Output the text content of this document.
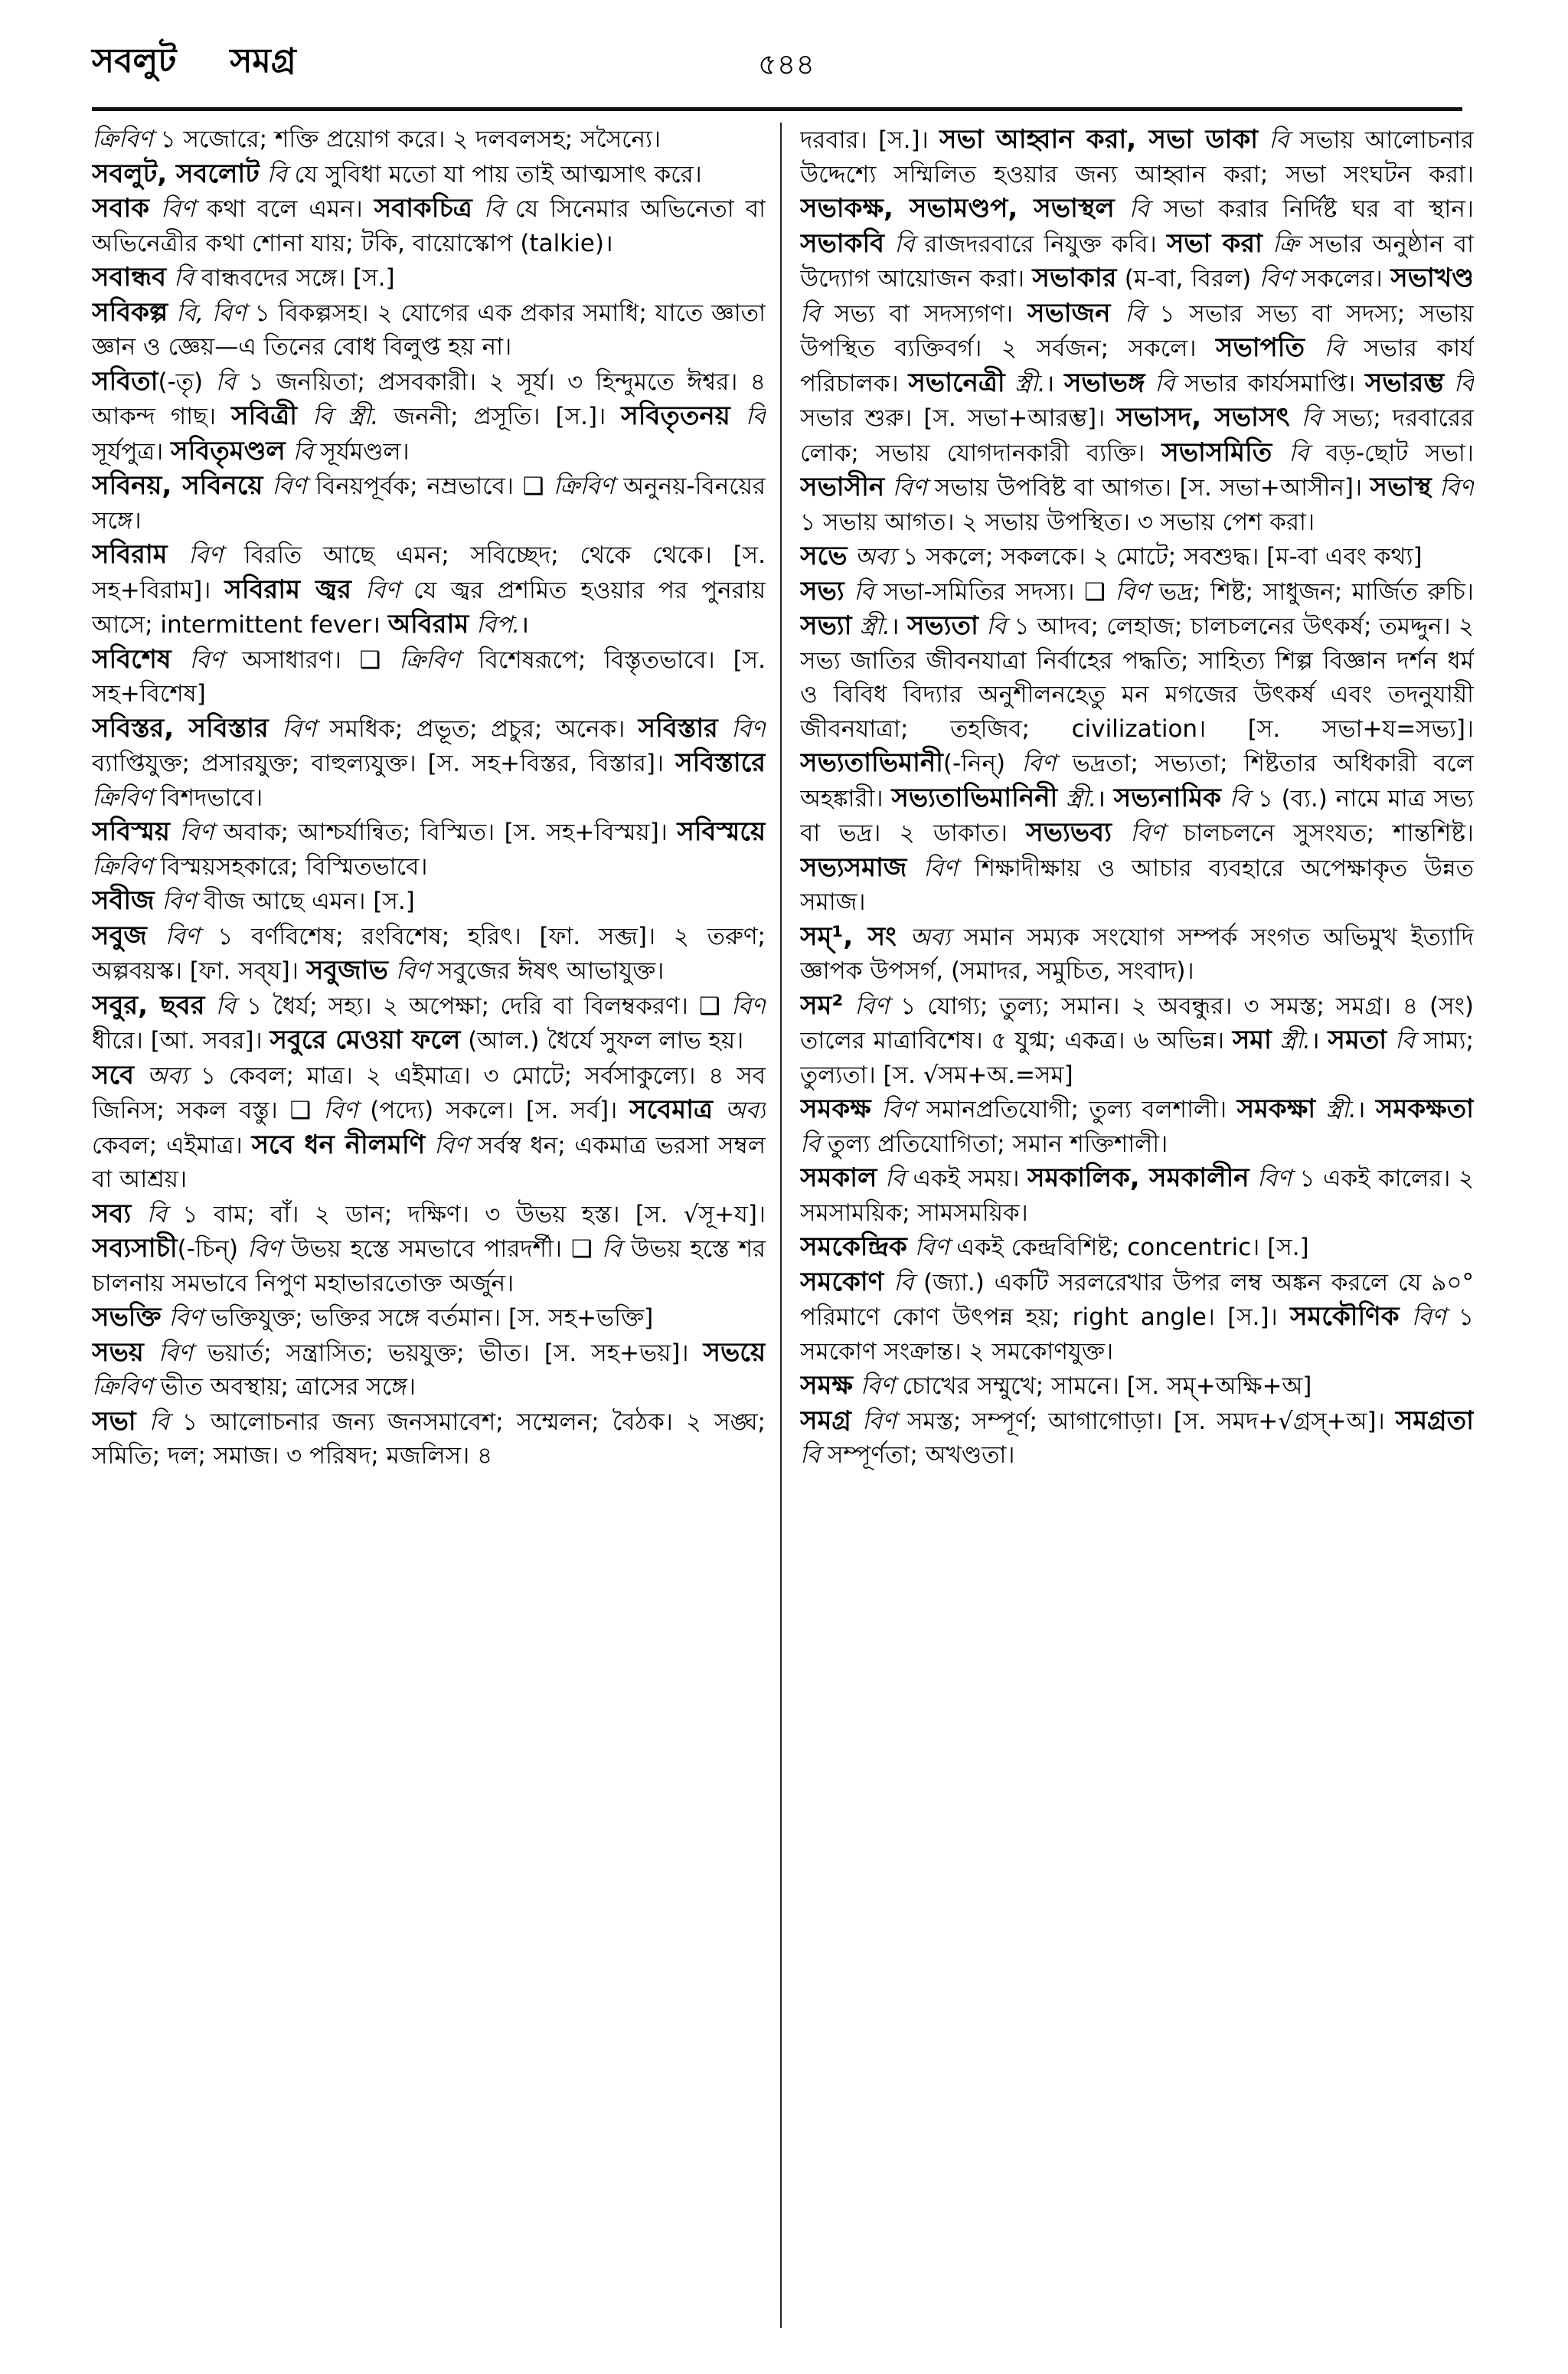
সবলুট সমগ্র	৫৪৪

ক্রিবিণ ১ সজোরে; শক্তি প্রয়োগ করে। ২ দলবলসহ; সসৈন্যে।

সবলুট, সবলোট বি যে সুবিধা মতো যা পায় তাই আত্মসাৎ করে।

সবাক বিণ কথা বলে এমন। সবাকচিত্র বি যে সিনেমার অভিনেতা বা অভিনেত্রীর কথা শোনা যায়; টকি, বায়োস্কোপ (talkie)।

সবান্ধব বি বান্ধবদের সঙ্গে। [স.]

সবিকল্প বি, বিণ ১ বিকল্পসহ। ২ যোগের এক প্রকার সমাধি; যাতে জ্ঞাতা জ্ঞান ও জ্ঞেয়—এ তিনের বোধ বিলুপ্ত হয় না।

সবিতা(-তৃ) বি ১ জনয়িতা; প্রসবকারী। ২ সূর্য। ৩ হিন্দুমতে ঈশ্বর। ৪ আকন্দ গাছ। সবিত্রী বি স্ত্রী. জননী; প্রসূতি। [স.]। সবিতৃতনয় বি সূর্যপুত্র। সবিতৃমণ্ডল বি সূর্যমণ্ডল।

সবিনয়, সবিনয়ে বিণ বিনয়পূর্বক; নম্রভাবে। ❑ ক্রিবিণ অনুনয়-বিনয়ের সঙ্গে।

সবিরাম বিণ বিরতি আছে এমন; সবিচ্ছেদ; থেকে থেকে। [স. সহ+বিরাম]। সবিরাম জ্বর বিণ যে জ্বর প্রশমিত হওয়ার পর পুনরায় আসে; intermittent fever। অবিরাম বিপ.।

সবিশেষ বিণ অসাধারণ। ❑ ক্রিবিণ বিশেষরূপে; বিস্তৃতভাবে। [স. সহ+বিশেষ]

সবিস্তর, সবিস্তার বিণ সমধিক; প্রভূত; প্রচুর; অনেক। সবিস্তার বিণ ব্যাপ্তিযুক্ত; প্রসারযুক্ত; বাহুল্যযুক্ত। [স. সহ+বিস্তর, বিস্তার]। সবিস্তারে ক্রিবিণ বিশদভাবে।

সবিস্ময় বিণ অবাক; আশ্চর্যান্বিত; বিস্মিত। [স. সহ+বিস্ময়]। সবিস্ময়ে ক্রিবিণ বিস্ময়সহকারে; বিস্মিতভাবে।

সবীজ বিণ বীজ আছে এমন। [স.]

সবুজ বিণ ১ বর্ণবিশেষ; রংবিশেষ; হরিৎ। [ফা. সব্জ]। ২ তরুণ; অল্পবয়স্ক। [ফা. সব্‌য]। সবুজাভ বিণ সবুজের ঈষৎ আভাযুক্ত।

সবুর, ছবর বি ১ ধৈর্য; সহ্য। ২ অপেক্ষা; দেরি বা বিলম্বকরণ। ❑ বিণ ধীরে। [আ. সবর]। সবুরে মেওয়া ফলে (আল.) ধৈর্যে সুফল লাভ হয়।

সবে অব্য ১ কেবল; মাত্র। ২ এইমাত্র। ৩ মোটে; সর্বসাকুল্যে। ৪ সব জিনিস; সকল বস্তু। ❑ বিণ (পদ্যে) সকলে। [স. সর্ব]। সবেমাত্র অব্য কেবল; এইমাত্র। সবে ধন নীলমণি বিণ সর্বস্ব ধন; একমাত্র ভরসা সম্বল বা আশ্রয়।

সব্য বি ১ বাম; বাঁ। ২ ডান; দক্ষিণ। ৩ উভয় হস্ত। [স. √সূ+য]। সব্যসাচী(-চিন্) বিণ উভয় হস্তে সমভাবে পারদর্শী। ❑ বি উভয় হস্তে শর চালনায় সমভাবে নিপুণ মহাভারতোক্ত অর্জুন।

সভক্তি বিণ ভক্তিযুক্ত; ভক্তির সঙ্গে বর্তমান। [স. সহ+ভক্তি]

সভয় বিণ ভয়ার্ত; সন্ত্রাসিত; ভয়যুক্ত; ভীত। [স. সহ+ভয়]। সভয়ে ক্রিবিণ ভীত অবস্থায়; ত্রাসের সঙ্গে।

সভা বি ১ আলোচনার জন্য জনসমাবেশ; সম্মেলন; বৈঠক। ২ সঙ্ঘ; সমিতি; দল; সমাজ। ৩ পরিষদ; মজলিস। ৪

দরবার। [স.]। সভা আহ্বান করা, সভা ডাকা বি সভায় আলোচনার উদ্দেশ্যে সম্মিলিত হওয়ার জন্য আহ্বান করা; সভা সংঘটন করা। সভাকক্ষ, সভামণ্ডপ, সভাস্থল বি সভা করার নির্দিষ্ট ঘর বা স্থান। সভাকবি বি রাজদরবারে নিযুক্ত কবি। সভা করা ক্রি সভার অনুষ্ঠান বা উদ্যোগ আয়োজন করা। সভাকার (ম-বা, বিরল) বিণ সকলের। সভাখণ্ড বি সভ্য বা সদস্যগণ। সভাজন বি ১ সভার সভ্য বা সদস্য; সভায় উপস্থিত ব্যক্তিবর্গ। ২ সর্বজন; সকলে। সভাপতি বি সভার কার্য পরিচালক। সভানেত্রী স্ত্রী.। সভাভঙ্গ বি সভার কার্যসমাপ্তি। সভারম্ভ বি সভার শুরু। [স. সভা+আরম্ভ]। সভাসদ, সভাসৎ বি সভ্য; দরবারের লোক; সভায় যোগদানকারী ব্যক্তি। সভাসমিতি বি বড়-ছোট সভা। সভাসীন বিণ সভায় উপবিষ্ট বা আগত। [স. সভা+আসীন]। সভাস্থ বিণ ১ সভায় আগত। ২ সভায় উপস্থিত। ৩ সভায় পেশ করা।

সভে অব্য ১ সকলে; সকলকে। ২ মোটে; সবশুদ্ধ। [ম-বা এবং কথ্য]

সভ্য বি সভা-সমিতির সদস্য। ❑ বিণ ভদ্র; শিষ্ট; সাধুজন; মার্জিত রুচি। সভ্যা স্ত্রী.। সভ্যতা বি ১ আদব; লেহাজ; চালচলনের উৎকর্ষ; তমদ্দুন। ২ সভ্য জাতির জীবনযাত্রা নির্বাহের পদ্ধতি; সাহিত্য শিল্প বিজ্ঞান দর্শন ধর্ম ও বিবিধ বিদ্যার অনুশীলনহেতু মন মগজের উৎকর্ষ এবং তদনুযায়ী জীবনযাত্রা; তহজিব; civilization। [স. সভা+য=সভ্য]। সভ্যতাভিমানী(-নিন্) বিণ ভদ্রতা; সভ্যতা; শিষ্টতার অধিকারী বলে অহঙ্কারী। সভ্যতাভিমানিনী স্ত্রী.। সভ্যনামিক বি ১ (ব্য.) নামে মাত্র সভ্য বা ভদ্র। ২ ডাকাত। সভ্যভব্য বিণ চালচলনে সুসংযত; শান্তশিষ্ট। সভ্যসমাজ বিণ শিক্ষাদীক্ষায় ও আচার ব্যবহারে অপেক্ষাকৃত উন্নত সমাজ।

সম্¹, সং অব্য সমান সম্যক সংযোগ সম্পর্ক সংগত অভিমুখ ইত্যাদি জ্ঞাপক উপসর্গ, (সমাদর, সমুচিত, সংবাদ)।

সম² বিণ ১ যোগ্য; তুল্য; সমান। ২ অবন্ধুর। ৩ সমস্ত; সমগ্র। ৪ (সং) তালের মাত্রাবিশেষ। ৫ যুগ্ম; একত্র। ৬ অভিন্ন। সমা স্ত্রী.। সমতা বি সাম্য; তুল্যতা। [স. √সম+অ.=সম]

সমকক্ষ বিণ সমানপ্রতিযোগী; তুল্য বলশালী। সমকক্ষা স্ত্রী.। সমকক্ষতা বি তুল্য প্রতিযোগিতা; সমান শক্তিশালী।

সমকাল বি একই সময়। সমকালিক, সমকালীন বিণ ১ একই কালের। ২ সমসাময়িক; সামসময়িক।

সমকেন্দ্রিক বিণ একই কেন্দ্রবিশিষ্ট; concentric। [স.]

সমকোণ বি (জ্যা.) একটি সরলরেখার উপর লম্ব অঙ্কন করলে যে ৯০° পরিমাণে কোণ উৎপন্ন হয়; right angle। [স.]। সমকৌণিক বিণ ১ সমকোণ সংক্রান্ত। ২ সমকোণযুক্ত।

সমক্ষ বিণ চোখের সম্মুখে; সামনে। [স. সম্+অক্ষি+অ]

সমগ্র বিণ সমস্ত; সম্পূর্ণ; আগাগোড়া। [স. সমদ+√গ্রস্+অ]। সমগ্রতা বি সম্পূর্ণতা; অখণ্ডতা।
